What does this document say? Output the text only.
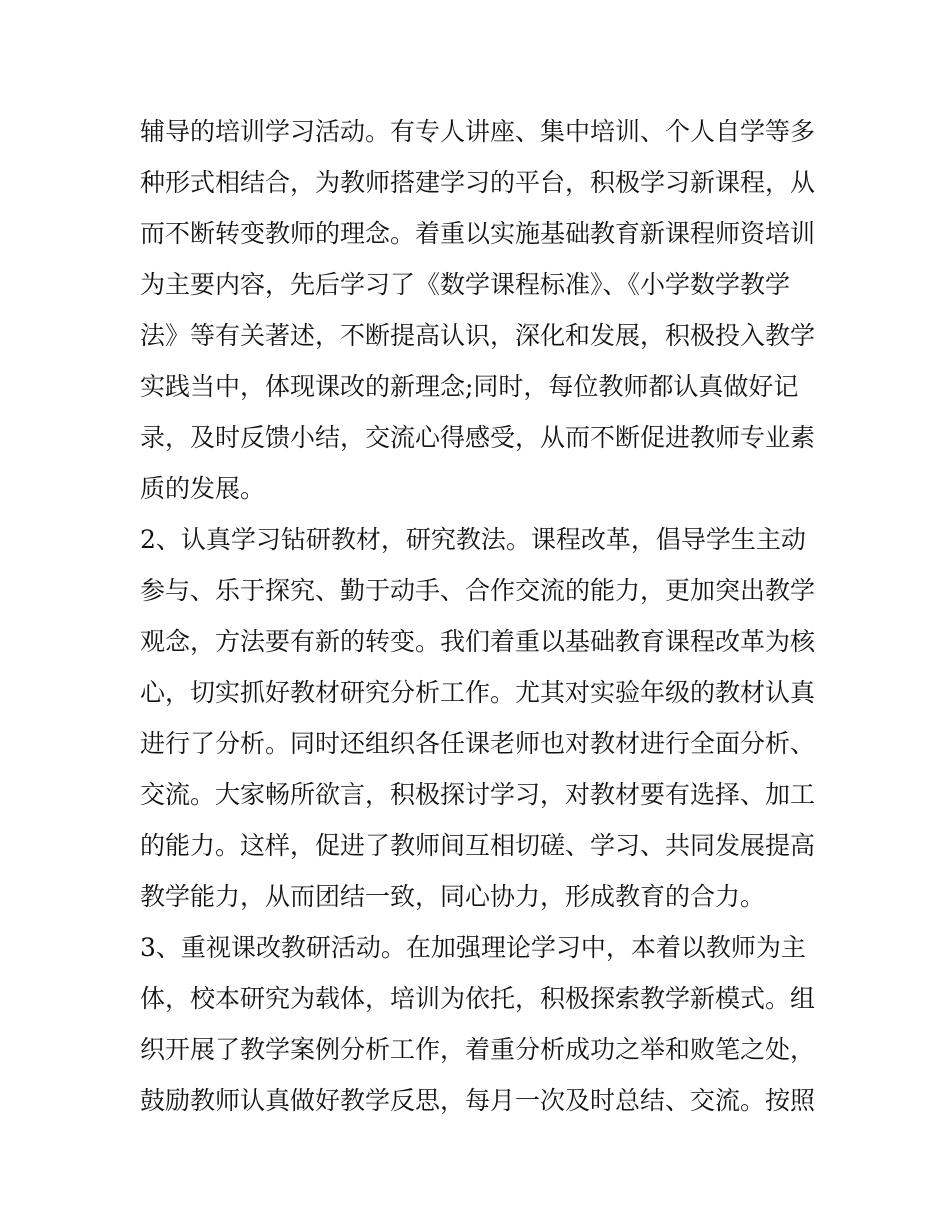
辅导的培训学习活动。有专人讲座、集中培训、个人自学等多
种形式相结合，为教师搭建学习的平台，积极学习新课程，从
而不断转变教师的理念。着重以实施基础教育新课程师资培训
为主要内容，先后学习了《数学课程标准》、《小学数学教学
法》等有关著述，不断提高认识，深化和发展，积极投入教学
实践当中，体现课改的新理念;同时，每位教师都认真做好记
录，及时反馈小结，交流心得感受，从而不断促进教师专业素
质的发展。
2、认真学习钻研教材，研究教法。课程改革，倡导学生主动
参与、乐于探究、勤于动手、合作交流的能力，更加突出教学
观念，方法要有新的转变。我们着重以基础教育课程改革为核
心，切实抓好教材研究分析工作。尤其对实验年级的教材认真
进行了分析。同时还组织各任课老师也对教材进行全面分析、
交流。大家畅所欲言，积极探讨学习，对教材要有选择、加工
的能力。这样，促进了教师间互相切磋、学习、共同发展提高
教学能力，从而团结一致，同心协力，形成教育的合力。
3、重视课改教研活动。在加强理论学习中，本着以教师为主
体，校本研究为载体，培训为依托，积极探索教学新模式。组
织开展了教学案例分析工作，着重分析成功之举和败笔之处，
鼓励教师认真做好教学反思，每月一次及时总结、交流。按照
